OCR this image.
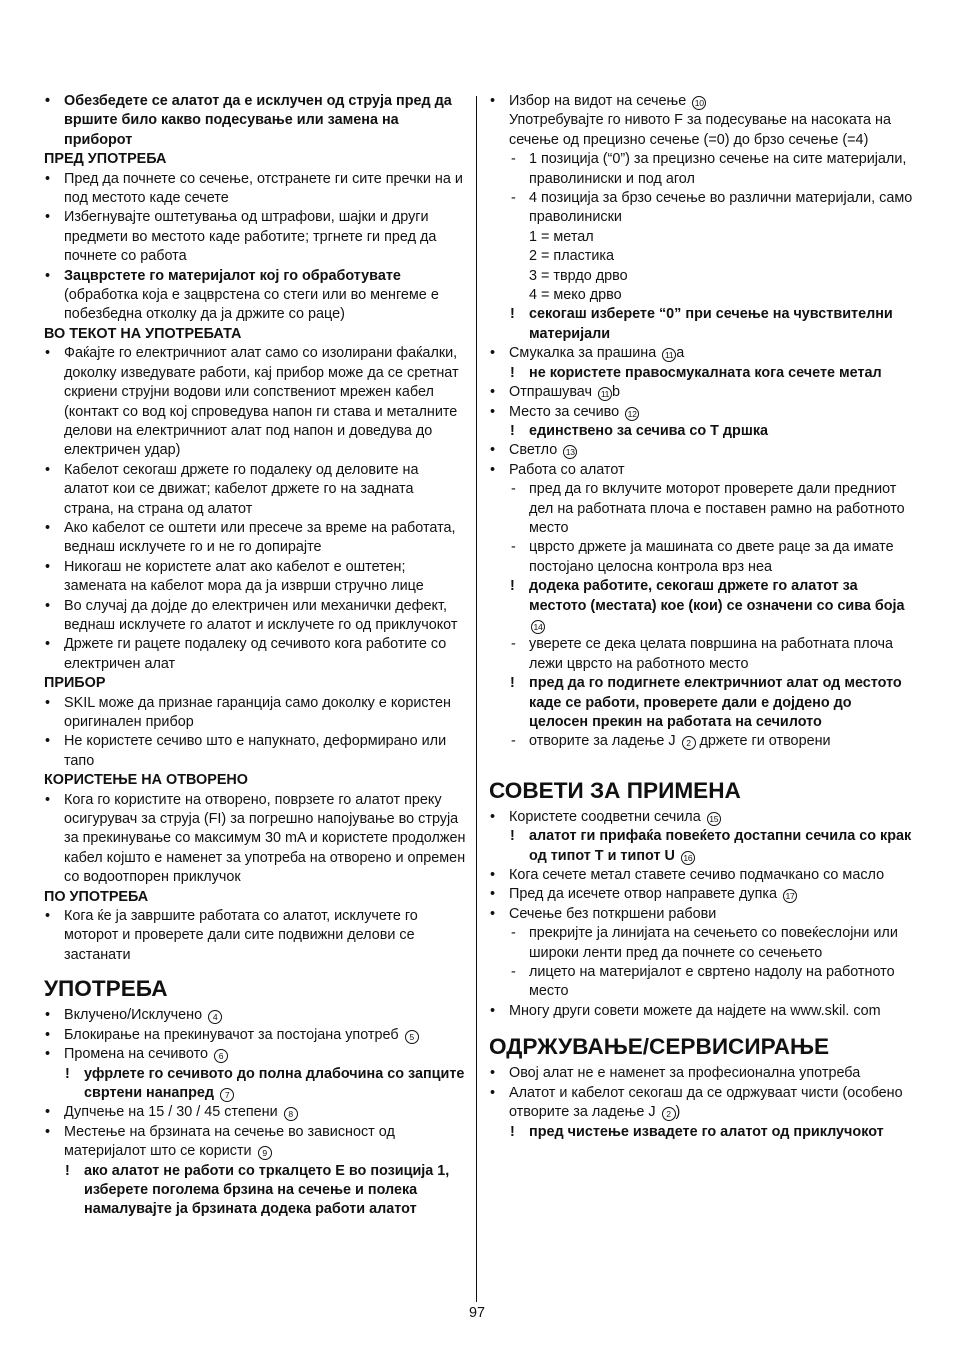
• Обезбедете се алатот да е исклучен од струја пред да вршите било какво подесување или замена на приборот

ПРЕД УПОТРЕБА

• Пред да почнете со сечење, отстранете ги сите пречки на и под местото каде сечете

• Избегнувајте оштетувања од штрафови, шајки и други предмети во местото каде работите; тргнете ги пред да почнете со работа

• Зацврстете го материјалот кој го обработувате (обработка која е зацврстена со стеги или во менгеме е побезбедна отколку да ја држите со раце)

ВО ТЕКОТ НА УПОТРЕБАТА

• Фаќајте го електричниот алат само со изолирани фаќалки, доколку изведувате работи, кај прибор може да се сретнат скриени струјни водови или сопствениот мрежен кабел (контакт со вод кој спроведува напон ги става и металните делови на електричниот алат под напон и доведува до електричен удар)

• Кабелот секогаш држете го подалеку од деловите на алатот кои се движат; кабелот држете го на задната страна, на страна од алатот

• Ако кабелот се оштети или пресече за време на работата, веднаш исклучете го и не го допирајте

• Никогаш не користете алат ако кабелот е оштетен; замената на кабелот мора да ја изврши стручно лице

• Во случај да дојде до електричен или механички дефект, веднаш исклучете го алатот и исклучете го од приклучокот

• Држете ги рацете подалеку од сечивото кога работите со електричен алат

ПРИБОР

• SKIL може да признае гаранција само доколку е користен оригинален прибор

• Не користете сечиво што е напукнато, деформирано или тапо

КОРИСТЕЊЕ НА ОТВОРЕНО

• Кога го користите на отворено, поврзете го алатот преку осигурувач за струја (FI) за погрешно напојување во струја за прекинување со максимум 30 mA и користете продолжен кабел којшто е наменет за употреба на отворено и опремен со водоотпорен приклучок

ПО УПОТРЕБА

• Кога ќе ја завршите работата со алатот, исклучете го моторот и проверете дали сите подвижни делови се застанати

УПОТРЕБА

• Вклучено/Исклучено 4

• Блокирање на прекинувачот за постојана употреб 5

• Промена на сечивото 6

! уфрлете го сечивото до полна длабочина со запците свртени нанапред 7

• Дупчење на 15 / 30 / 45 степени 8

• Местење на брзината на сечење во зависност од материјалот што се користи 9

! ако алатот не работи со тркалцето Е во позиција 1, изберете поголема брзина на сечење и полека намалувајте ја брзината додека работи алатот

• Избор на видот на сечење 10

Употребувајте го нивото F за подесување на насоката на сечење од прецизно сечење (=0) до брзо сечење (=4)

- 1 позиција (“0”) за прецизно сечење на сите материјали, праволиниски и под агол

- 4 позиција за брзо сечење во различни материјали, само праволиниски

1 = метал

2 = пластика

3 = тврдо дрво

4 = меко дрво

! секогаш изберете “0” при сечење на чувствителни материјали

• Смукалка за прашина 11 a

! не користете правосмукалната кога сечете метал

• Отпрашувач 11 b

• Место за сечиво 12

! единствено за сечива со Т дршка

• Светло 13

• Работа со алатот

- пред да го вклучите моторот проверете дали предниот дел на работната плоча е поставен рамно на работното место

- цврсто држете ја машината со двете раце за да имате постојано целосна контрола врз неа

! додека работите, секогаш држете го алатот за местото (местата) кое (кои) се означени со сива боја 14

- уверете се дека целата површина на работната плоча лежи цврсто на работното место

! пред да го подигнете електричниот алат од местото каде се работи, проверете дали е дојдено до целосен прекин на работата на сечилото

- отворите за ладење J 2 држете ги отворени

СОВЕТИ ЗА ПРИМЕНА

• Користете соодветни сечила 15

! алатот ги прифаќа повеќето достапни сечила со крак од типот Т и типот U 16

• Кога сечете метал ставете сечиво подмачкано со масло

• Пред да исечете отвор направете дупка 17

• Сечење без поткршени рабови

- прекријте ја линијата на сечењето со повеќеслојни или широки ленти пред да почнете со сечењето

- лицето на материјалот е свртено надолу на работното место

• Многу други совети можете да најдете на www.skil. com

ОДРЖУВАЊЕ/СЕРВИСИРАЊЕ

• Овој алат не е наменет за професионална употреба

• Алатот и кабелот секогаш да се одржуваат чисти (особено отворите за ладење J 2 )

! пред чистење извадете го алатот од приклучокот

97
